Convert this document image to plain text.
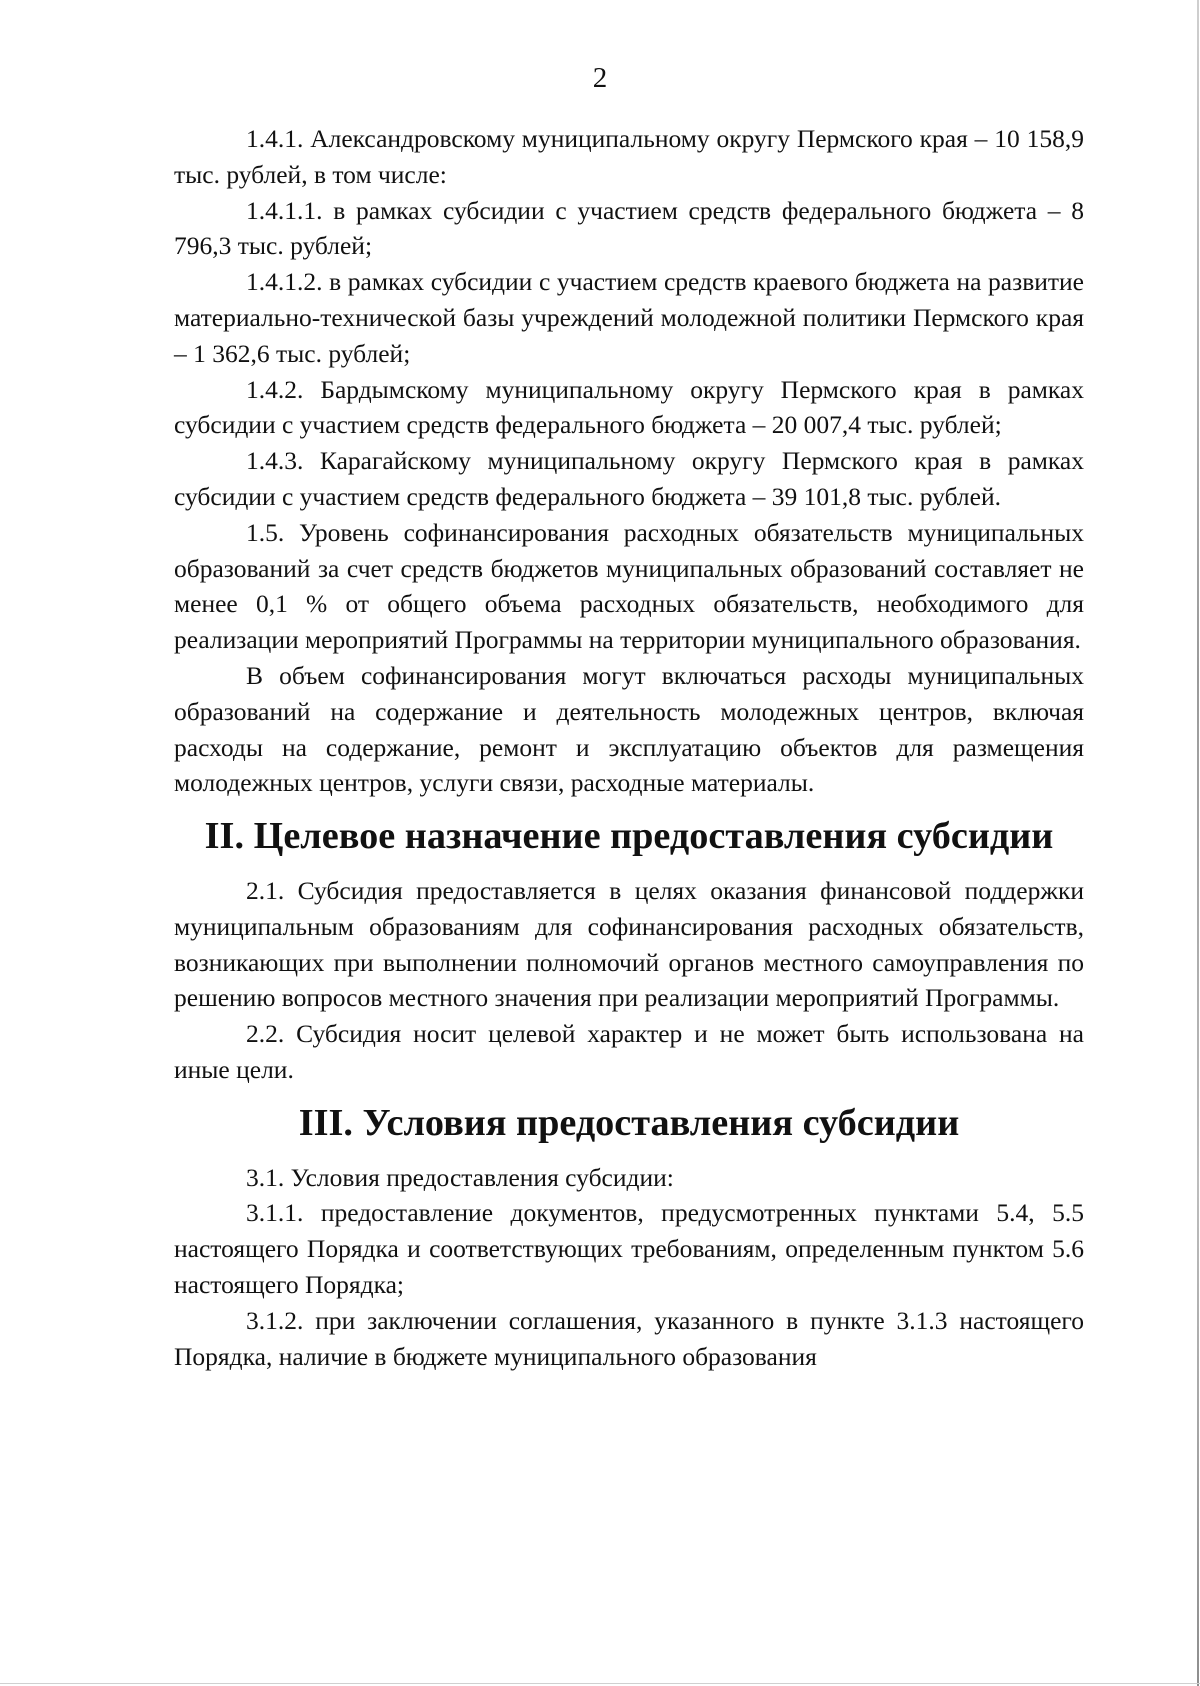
2

1.4.1. Александровскому муниципальному округу Пермского края – 10 158,9 тыс. рублей, в том числе:

1.4.1.1. в рамках субсидии с участием средств федерального бюджета – 8 796,3 тыс. рублей;

1.4.1.2. в рамках субсидии с участием средств краевого бюджета на развитие материально-технической базы учреждений молодежной политики Пермского края – 1 362,6 тыс. рублей;

1.4.2. Бардымскому муниципальному округу Пермского края в рамках субсидии с участием средств федерального бюджета – 20 007,4 тыс. рублей;

1.4.3. Карагайскому муниципальному округу Пермского края в рамках субсидии с участием средств федерального бюджета – 39 101,8 тыс. рублей.

1.5. Уровень софинансирования расходных обязательств муниципальных образований за счет средств бюджетов муниципальных образований составляет не менее 0,1 % от общего объема расходных обязательств, необходимого для реализации мероприятий Программы на территории муниципального образования.

В объем софинансирования могут включаться расходы муниципальных образований на содержание и деятельность молодежных центров, включая расходы на содержание, ремонт и эксплуатацию объектов для размещения молодежных центров, услуги связи, расходные материалы.

II. Целевое назначение предоставления субсидии

2.1. Субсидия предоставляется в целях оказания финансовой поддержки муниципальным образованиям для софинансирования расходных обязательств, возникающих при выполнении полномочий органов местного самоуправления по решению вопросов местного значения при реализации мероприятий Программы.

2.2. Субсидия носит целевой характер и не может быть использована на иные цели.

III. Условия предоставления субсидии

3.1. Условия предоставления субсидии:

3.1.1. предоставление документов, предусмотренных пунктами 5.4, 5.5 настоящего Порядка и соответствующих требованиям, определенным пунктом 5.6 настоящего Порядка;

3.1.2. при заключении соглашения, указанного в пункте 3.1.3 настоящего Порядка, наличие в бюджете муниципального образования
